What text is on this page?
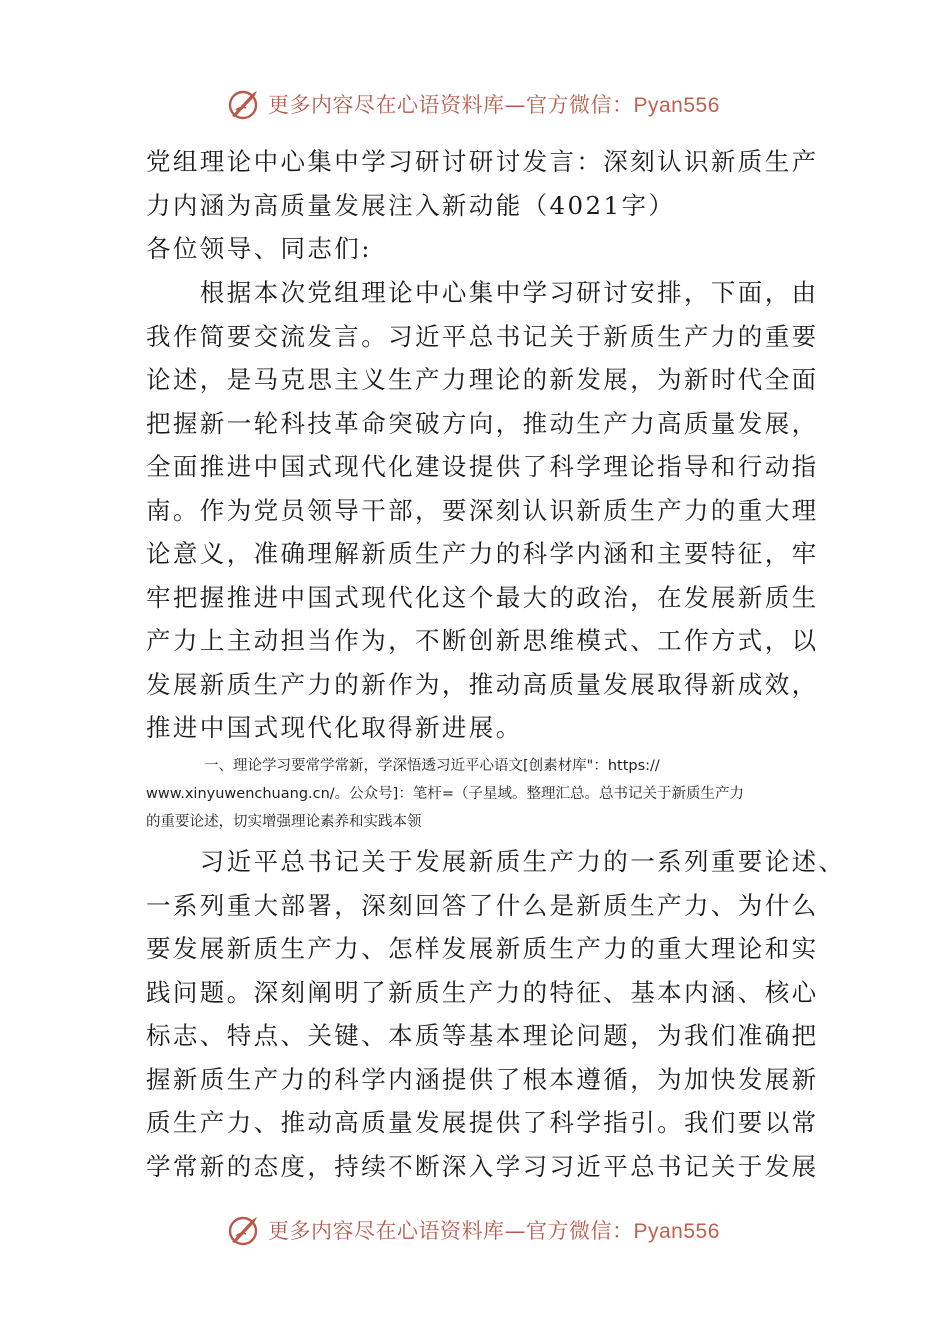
更多内容尽在心语资料库—官方微信：Pyan556
党组理论中心集中学习研讨研讨发言：深刻认识新质生产
力内涵为高质量发展注入新动能（4021字）
各位领导、同志们:
　　根据本次党组理论中心集中学习研讨安排，下面，由
我作简要交流发言。习近平总书记关于新质生产力的重要
论述，是马克思主义生产力理论的新发展，为新时代全面
把握新一轮科技革命突破方向，推动生产力高质量发展，
全面推进中国式现代化建设提供了科学理论指导和行动指
南。作为党员领导干部，要深刻认识新质生产力的重大理
论意义，准确理解新质生产力的科学内涵和主要特征，牢
牢把握推进中国式现代化这个最大的政治，在发展新质生
产力上主动担当作为，不断创新思维模式、工作方式，以
发展新质生产力的新作为，推动高质量发展取得新成效，
推进中国式现代化取得新进展。
　　　　一、理论学习要常学常新，学深悟透习近平心语文[创素材库"：https://
www.xinyuwenchuang.cn/。公众号]：笔杆=（子星域。整理汇总。总书记关于新质生产力
的重要论述，切实增强理论素养和实践本领
　　习近平总书记关于发展新质生产力的一系列重要论述、
一系列重大部署，深刻回答了什么是新质生产力、为什么
要发展新质生产力、怎样发展新质生产力的重大理论和实
践问题。深刻阐明了新质生产力的特征、基本内涵、核心
标志、特点、关键、本质等基本理论问题，为我们准确把
握新质生产力的科学内涵提供了根本遵循，为加快发展新
质生产力、推动高质量发展提供了科学指引。我们要以常
学常新的态度，持续不断深入学习习近平总书记关于发展
更多内容尽在心语资料库—官方微信：Pyan556
